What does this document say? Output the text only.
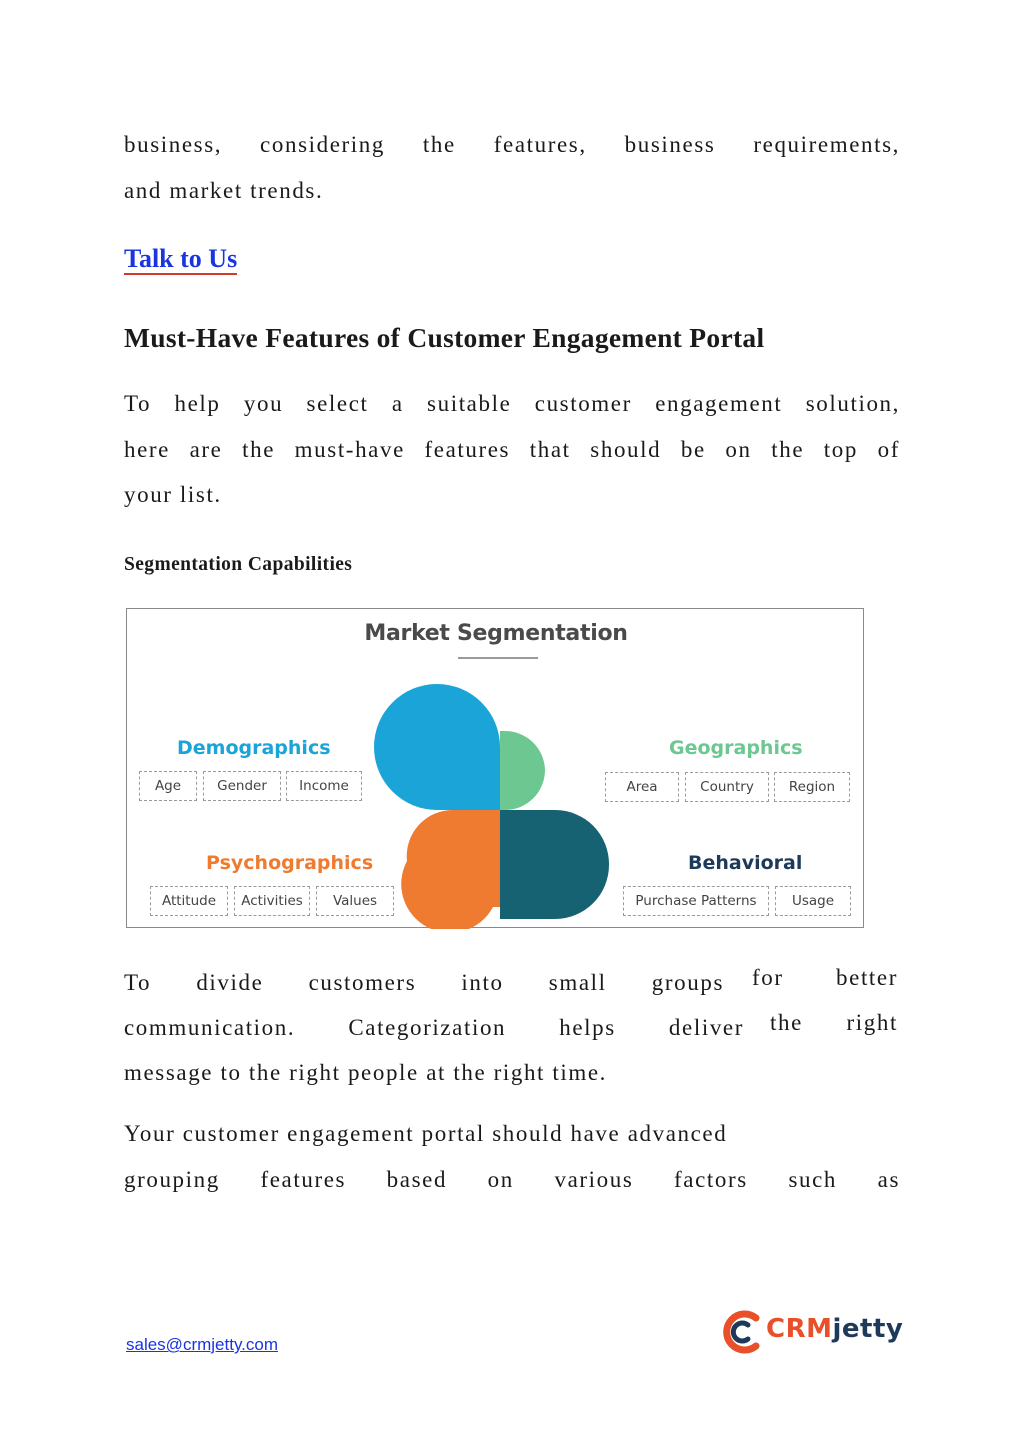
business, considering the features, business requirements,
and market trends.
Talk to Us
Must-Have Features of Customer Engagement Portal
To help you select a suitable customer engagement solution,
here are the must-have features that should be on the top of
your list.
Segmentation Capabilities
Market Segmentation
Demographics
Age	Gender	Income
Geographics
Area	Country	Region
Psychographics
Attitude	Activities	Values
Behavioral
Purchase Patterns	Usage
To divide customers into small groups for better
communication. Categorization helps deliver the right
message to the right people at the right time.
Your customer engagement portal should have advanced
grouping features based on various factors such as
sales@crmjetty.com
CRMjetty
